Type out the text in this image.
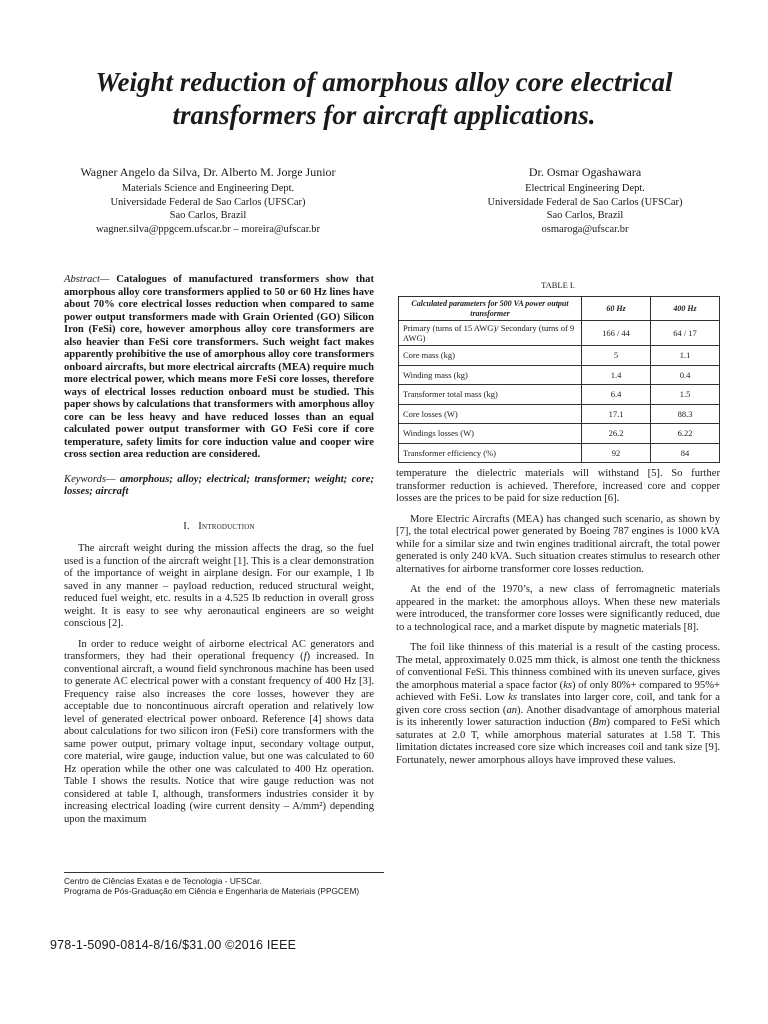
Weight reduction of amorphous alloy core electrical transformers for aircraft applications.
Wagner Angelo da Silva, Dr. Alberto M. Jorge Junior
Materials Science and Engineering Dept.
Universidade Federal de Sao Carlos (UFSCar)
Sao Carlos, Brazil
wagner.silva@ppgcem.ufscar.br – moreira@ufscar.br
Dr. Osmar Ogashawara
Electrical Engineering Dept.
Universidade Federal de Sao Carlos (UFSCar)
Sao Carlos, Brazil
osmaroga@ufscar.br

Abstract— Catalogues of manufactured transformers show that amorphous alloy core transformers applied to 50 or 60 Hz lines have about 70% core electrical losses reduction when compared to same power output transformers made with Grain Oriented (GO) Silicon Iron (FeSi) core, however amorphous alloy core transformers are also heavier than FeSi core transformers. Such weight fact makes apparently prohibitive the use of amorphous alloy core transformers onboard aircrafts, but more electrical aircrafts (MEA) require much more electrical power, which means more FeSi core losses, therefore ways of electrical losses reduction onboard must be studied. This paper shows by calculations that transformers with amorphous alloy core can be less heavy and have reduced losses than an equal calculated power output transformer with GO FeSi core if core temperature, safety limits for core induction value and cooper wire cross section area reduction are considered.

Keywords— amorphous; alloy; electrical; transformer; weight; core; losses; aircraft

I. Introduction

The aircraft weight during the mission affects the drag, so the fuel used is a function of the aircraft weight [1]. This is a clear demonstration of the importance of weight in airplane design. For our example, 1 lb saved in any manner – payload reduction, reduced structural weight, reduced fuel weight, etc. results in a 4.525 lb reduction in overall gross weight. It is easy to see why aeronautical engineers are so weight conscious [2].

In order to reduce weight of airborne electrical AC generators and transformers, they had their operational frequency (f) increased. In conventional aircraft, a wound field synchronous machine has been used to generate AC electrical power with a constant frequency of 400 Hz [3]. Frequency raise also increases the core losses, however they are acceptable due to noncontinuous aircraft operation and relatively low level of generated electrical power onboard. Reference [4] shows data about calculations for two silicon iron (FeSi) core transformers with the same power output, primary voltage input, secondary voltage output, core material, wire gauge, induction value, but one was calculated to 60 Hz operation while the other one was calculated to 400 Hz operation. Table I shows the results. Notice that wire gauge reduction was not considered at table I, although, transformers industries consider it by increasing electrical loading (wire current density – A/mm²) depending upon the maximum

TABLE I.
Calculated parameters for 500 VA power output transformer	60 Hz	400 Hz
Primary (turns of 15 AWG)/ Secondary (turns of 9 AWG)	166 / 44	64 / 17
Core mass (kg)	5	1.1
Winding mass (kg)	1.4	0.4
Transformer total mass (kg)	6.4	1.5
Core losses (W)	17.1	88.3
Windings losses (W)	26.2	6.22
Transformer efficiency (%)	92	84

temperature the dielectric materials will withstand [5]. So further transformer reduction is achieved. Therefore, increased core and copper losses are the prices to be paid for size reduction [6].

More Electric Aircrafts (MEA) has changed such scenario, as shown by [7], the total electrical power generated by Boeing 787 engines is 1000 kVA while for a similar size and twin engines traditional aircraft, the total power generated is only 240 kVA. Such situation creates stimulus to research other alternatives for airborne transformer core losses reduction.

At the end of the 1970’s, a new class of ferromagnetic materials appeared in the market: the amorphous alloys. When these new materials were introduced, the transformer core losses were significantly reduced, due to a technological race, and a market dispute by magnetic materials [8].

The foil like thinness of this material is a result of the casting process. The metal, approximately 0.025 mm thick, is almost one tenth the thickness of conventional FeSi. This thinness combined with its uneven surface, gives the amorphous material a space factor (ks) of only 80%+ compared to 95%+ achieved with FeSi. Low ks translates into larger core, coil, and tank for a given core cross section (an). Another disadvantage of amorphous material is its inherently lower saturaction induction (Bm) compared to FeSi which saturates at 2.0 T, while amorphous material saturates at 1.58 T. This limitation dictates increased core size which increases coil and tank size [9]. Fortunately, newer amorphous alloys have improved these values.

Centro de Ciências Exatas e de Tecnologia - UFSCar.
Programa de Pós-Graduação em Ciência e Engenharia de Materiais (PPGCEM)
978-1-5090-0814-8/16/$31.00 ©2016 IEEE
